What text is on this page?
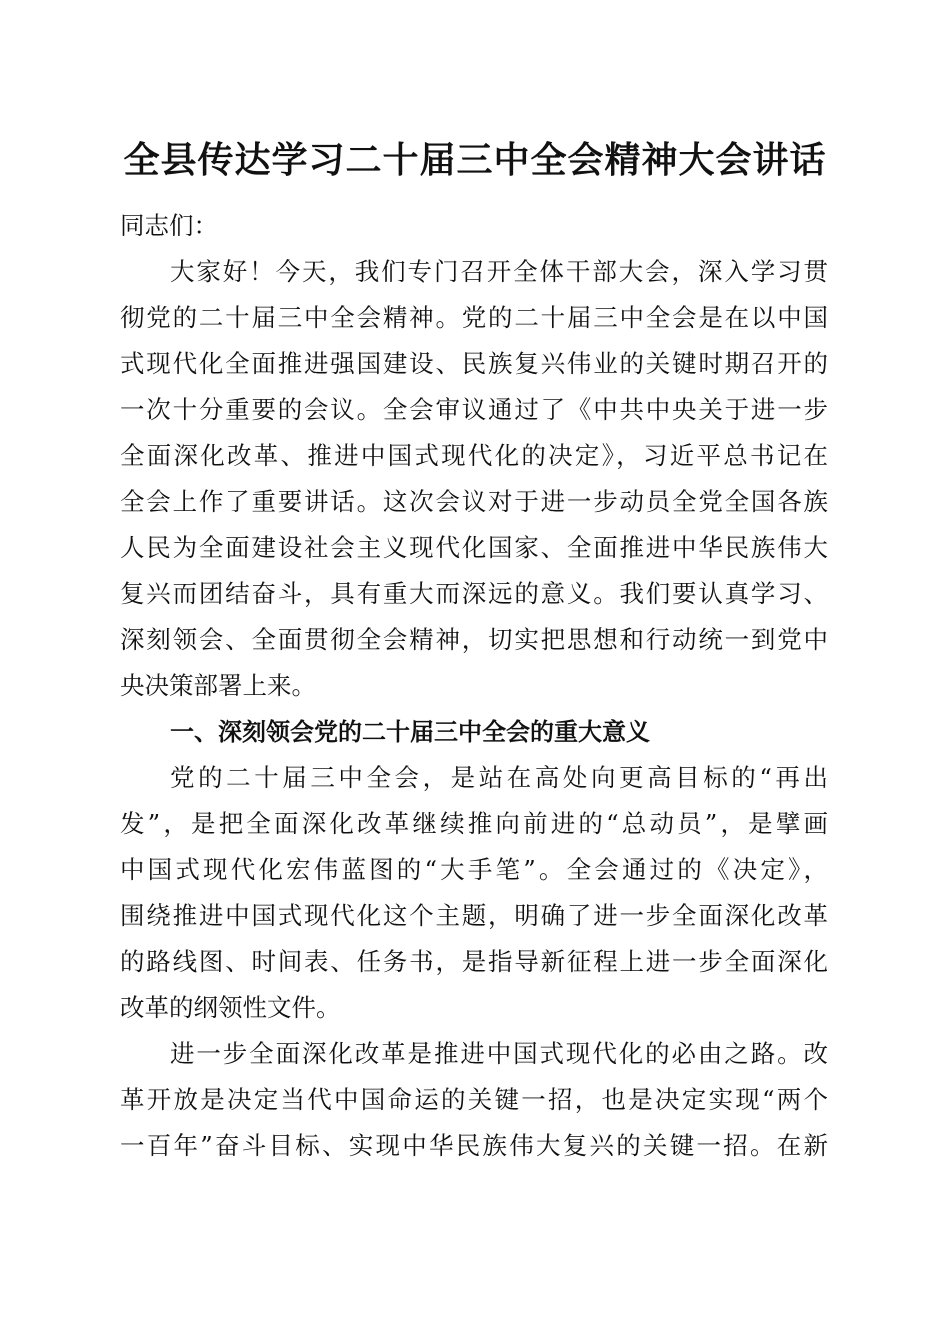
全县传达学习二十届三中全会精神大会讲话
同志们：
大家好！今天，我们专门召开全体干部大会，深入学习贯
彻党的二十届三中全会精神。党的二十届三中全会是在以中国
式现代化全面推进强国建设、民族复兴伟业的关键时期召开的
一次十分重要的会议。全会审议通过了《中共中央关于进一步
全面深化改革、推进中国式现代化的决定》，习近平总书记在
全会上作了重要讲话。这次会议对于进一步动员全党全国各族
人民为全面建设社会主义现代化国家、全面推进中华民族伟大
复兴而团结奋斗，具有重大而深远的意义。我们要认真学习、
深刻领会、全面贯彻全会精神，切实把思想和行动统一到党中
央决策部署上来。
一、深刻领会党的二十届三中全会的重大意义
党的二十届三中全会，是站在高处向更高目标的“再出
发”，是把全面深化改革继续推向前进的“总动员”，是擘画
中国式现代化宏伟蓝图的“大手笔”。全会通过的《决定》，
围绕推进中国式现代化这个主题，明确了进一步全面深化改革
的路线图、时间表、任务书，是指导新征程上进一步全面深化
改革的纲领性文件。
进一步全面深化改革是推进中国式现代化的必由之路。改
革开放是决定当代中国命运的关键一招，也是决定实现“两个
一百年”奋斗目标、实现中华民族伟大复兴的关键一招。在新
